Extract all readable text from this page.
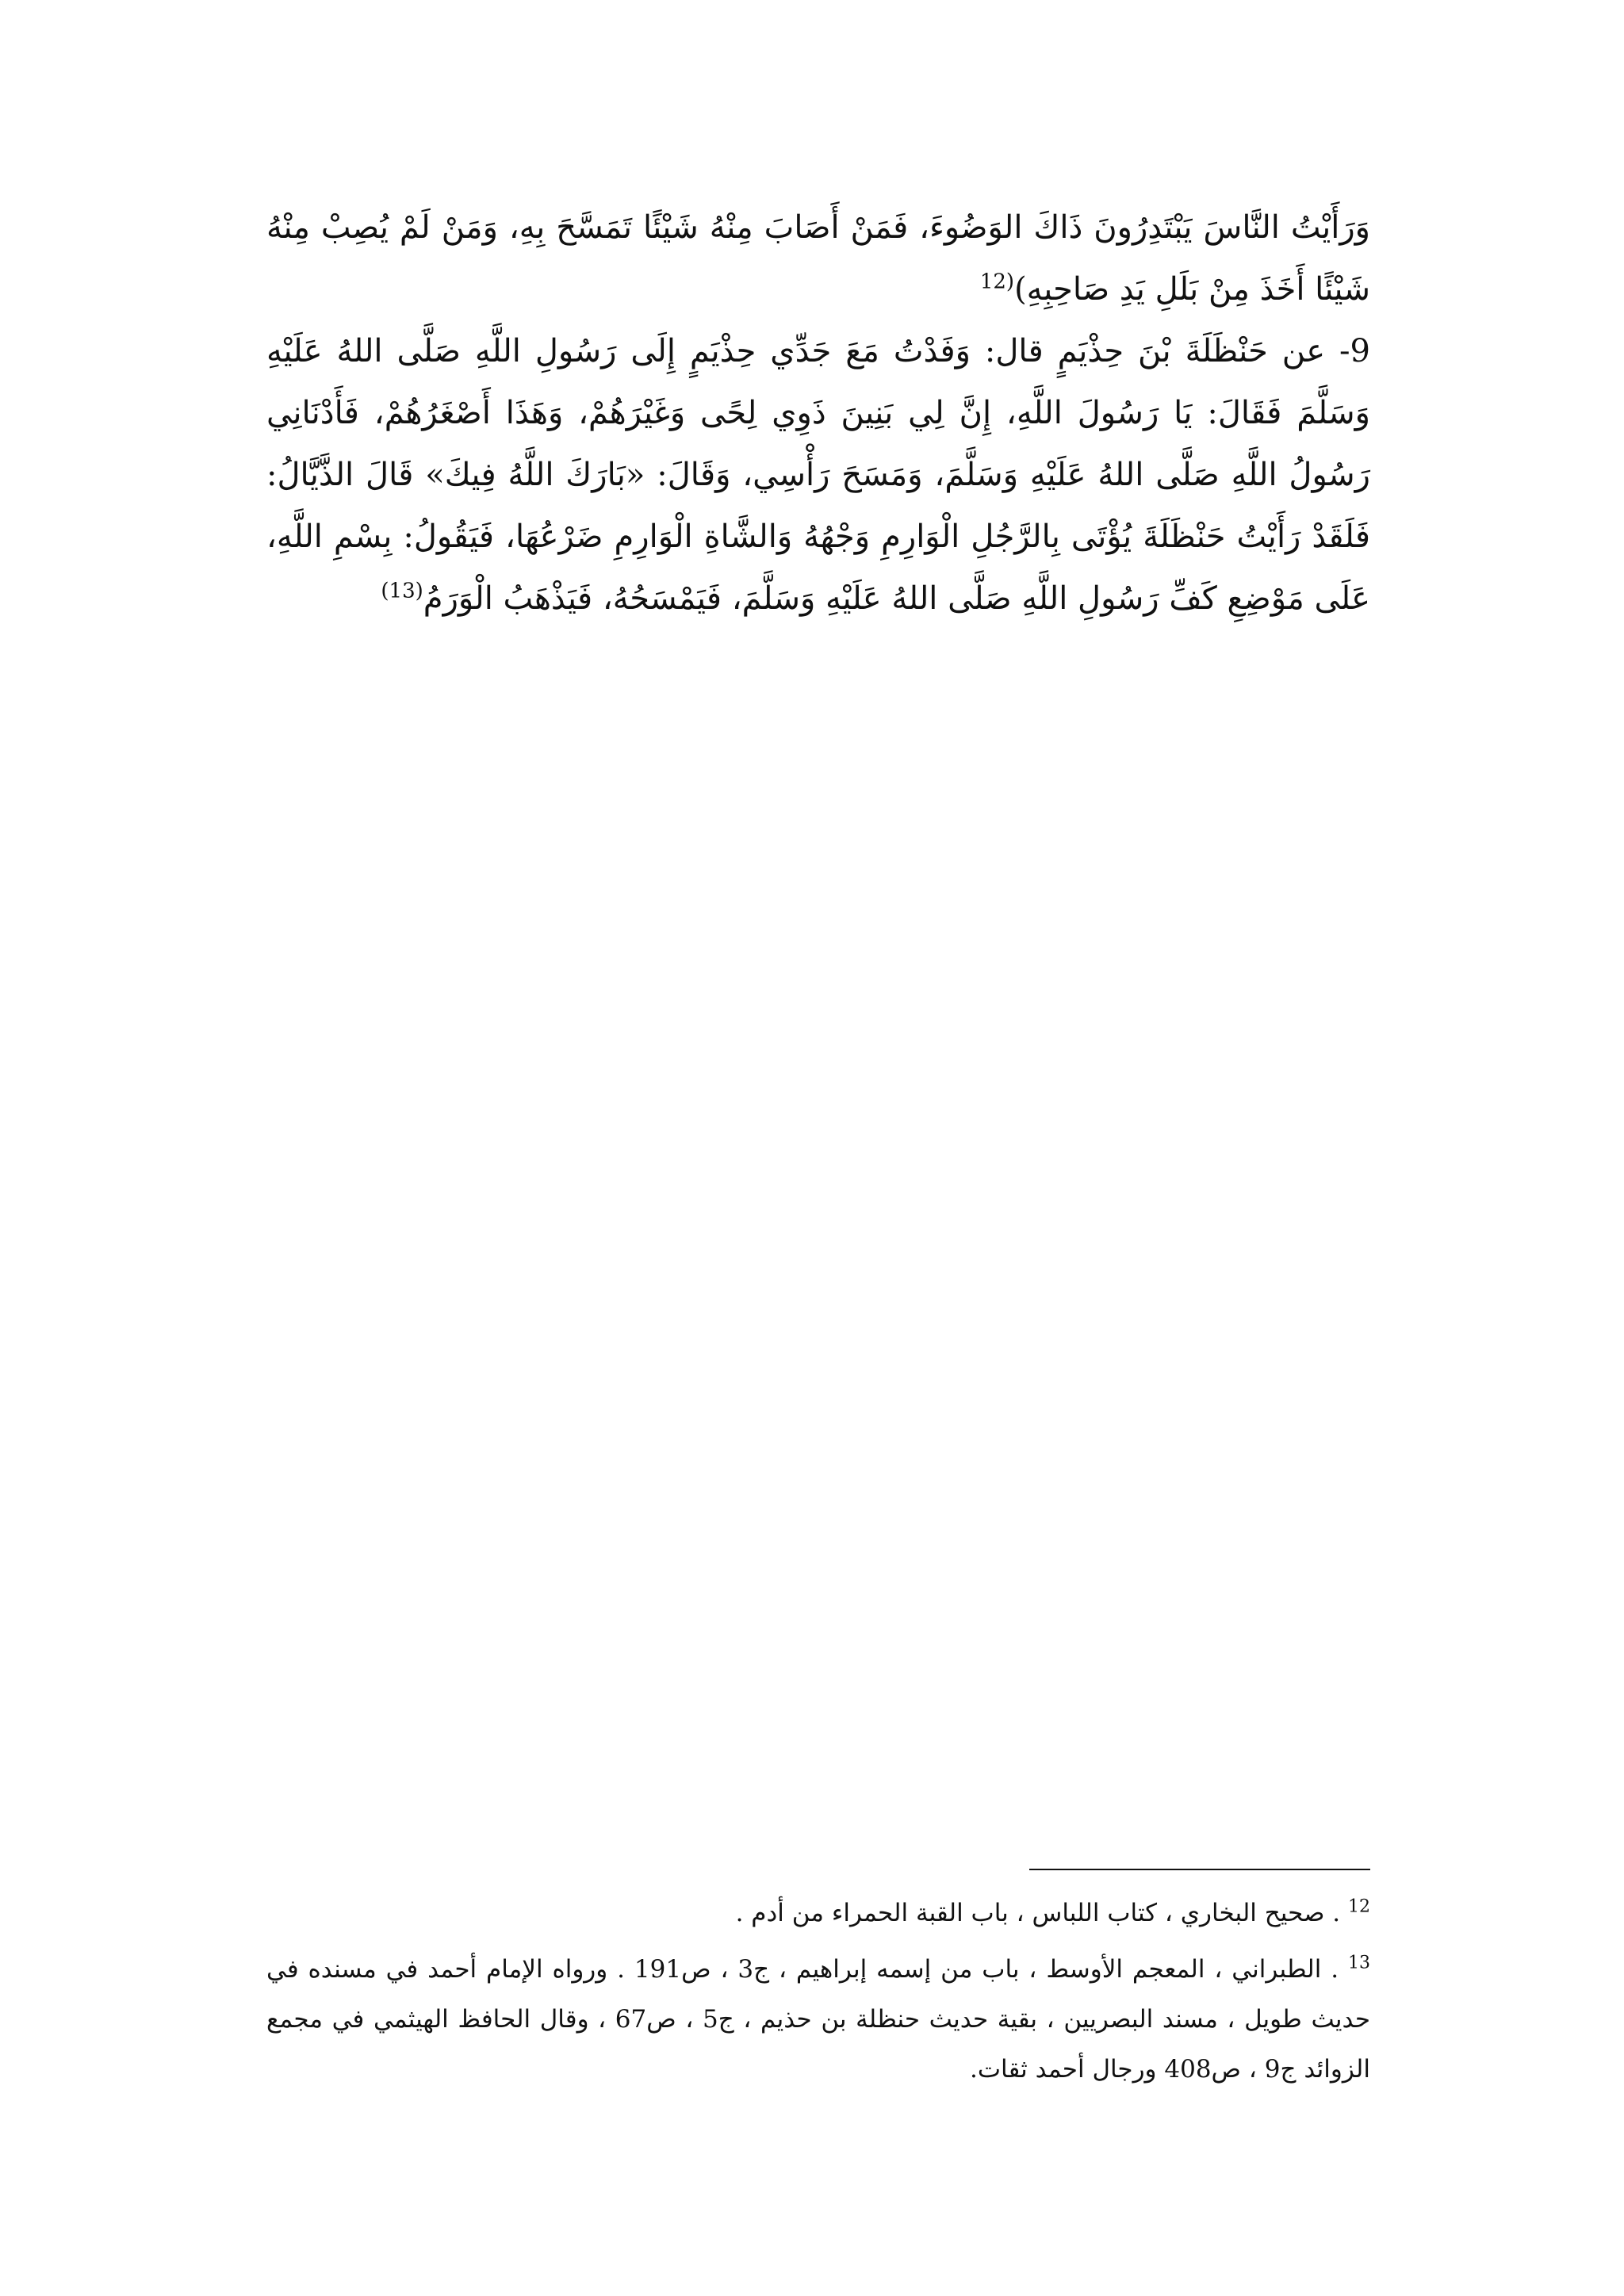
وَرَأَيْتُ النَّاسَ يَبْتَدِرُونَ ذَاكَ الوَضُوءَ، فَمَنْ أَصَابَ مِنْهُ شَيْئًا تَمَسَّحَ بِهِ، وَمَنْ لَمْ يُصِبْ مِنْهُ شَيْئًا أَخَذَ مِنْ بَلَلِ يَدِ صَاحِبِهِ)$^{(12}$

9- عن حَنْظَلَةَ بْنَ حِذْيَمٍ قال: وَفَدْتُ مَعَ جَدِّي حِذْيَمٍ إِلَى رَسُولِ اللَّهِ صَلَّى اللهُ عَلَيْهِ وَسَلَّمَ فَقَالَ: يَا رَسُولَ اللَّهِ، إِنَّ لِي بَنِينَ ذَوِي لِحًى وَغَيْرَهُمْ، وَهَذَا أَصْغَرُهُمْ، فَأَدْنَانِي رَسُولُ اللَّهِ صَلَّى اللهُ عَلَيْهِ وَسَلَّمَ، وَمَسَحَ رَأْسِي، وَقَالَ: «بَارَكَ اللَّهُ فِيكَ» قَالَ الذَّيَّالُ: فَلَقَدْ رَأَيْتُ حَنْظَلَةَ يُؤْتَى بِالرَّجُلِ الْوَارِمِ وَجْهُهُ وَالشَّاةِ الْوَارِمِ ضَرْعُهَا، فَيَقُولُ: بِسْمِ اللَّهِ، عَلَى مَوْضِعِ كَفِّ رَسُولِ اللَّهِ صَلَّى اللهُ عَلَيْهِ وَسَلَّمَ، فَيَمْسَحُهُ، فَيَذْهَبُ الْوَرَمُ$^{(13)}$

$^{12}$ . صحيح البخاري ، كتاب اللباس ، باب القبة الحمراء من أدم .

$^{13}$ . الطبراني ، المعجم الأوسط ، باب من إسمه إبراهيم ، ج3 ، ص191 . ورواه الإمام أحمد في مسنده في حديث طويل ، مسند البصريين ، بقية حديث حنظلة بن حذيم ، ج5 ، ص67 ، وقال الحافظ الهيثمي في مجمع الزوائد ج9 ، ص408 ورجال أحمد ثقات.
